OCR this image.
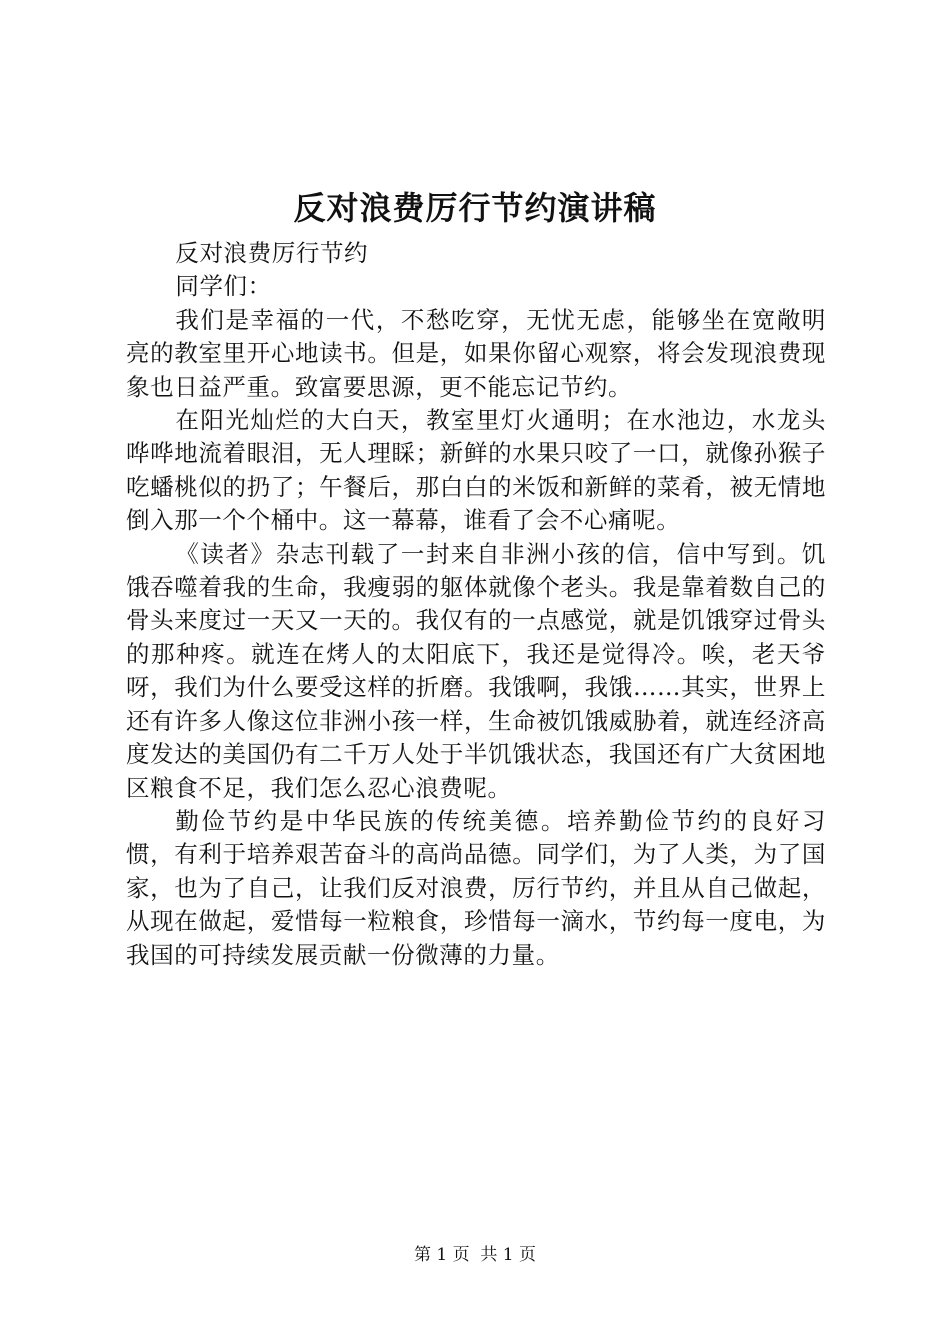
反对浪费厉行节约演讲稿

反对浪费厉行节约

同学们：

我们是幸福的一代，不愁吃穿，无忧无虑，能够坐在宽敞明亮的教室里开心地读书。但是，如果你留心观察，将会发现浪费现象也日益严重。致富要思源，更不能忘记节约。

在阳光灿烂的大白天，教室里灯火通明；在水池边，水龙头哗哗地流着眼泪，无人理睬；新鲜的水果只咬了一口，就像孙猴子吃蟠桃似的扔了；午餐后，那白白的米饭和新鲜的菜肴，被无情地倒入那一个个桶中。这一幕幕，谁看了会不心痛呢。

《读者》杂志刊载了一封来自非洲小孩的信，信中写到。饥饿吞噬着我的生命，我瘦弱的躯体就像个老头。我是靠着数自己的骨头来度过一天又一天的。我仅有的一点感觉，就是饥饿穿过骨头的那种疼。就连在烤人的太阳底下，我还是觉得冷。唉，老天爷呀，我们为什么要受这样的折磨。我饿啊，我饿……其实，世界上还有许多人像这位非洲小孩一样，生命被饥饿威胁着，就连经济高度发达的美国仍有二千万人处于半饥饿状态，我国还有广大贫困地区粮食不足，我们怎么忍心浪费呢。

勤俭节约是中华民族的传统美德。培养勤俭节约的良好习惯，有利于培养艰苦奋斗的高尚品德。同学们，为了人类，为了国家，也为了自己，让我们反对浪费，厉行节约，并且从自己做起，从现在做起，爱惜每一粒粮食，珍惜每一滴水，节约每一度电，为我国的可持续发展贡献一份微薄的力量。

第 1 页  共 1 页
